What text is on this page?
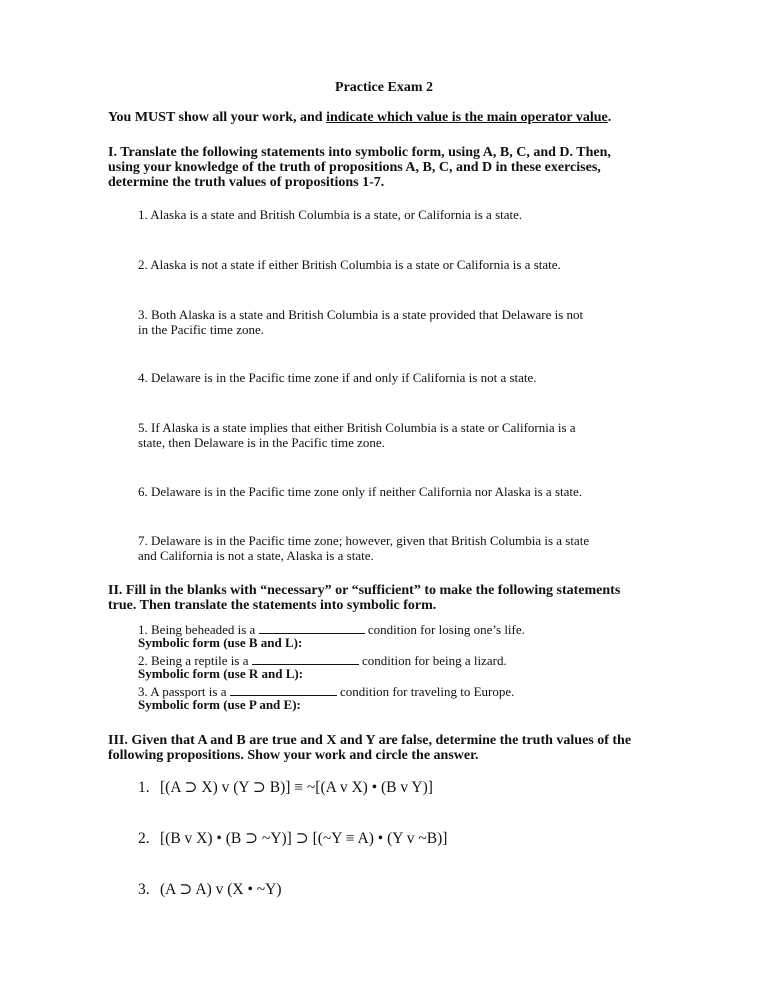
Practice Exam 2
You MUST show all your work, and indicate which value is the main operator value.
I. Translate the following statements into symbolic form, using A, B, C, and D. Then,
using your knowledge of the truth of propositions A, B, C, and D in these exercises,
determine the truth values of propositions 1-7.
1. Alaska is a state and British Columbia is a state, or California is a state.
2. Alaska is not a state if either British Columbia is a state or California is a state.
3. Both Alaska is a state and British Columbia is a state provided that Delaware is not
in the Pacific time zone.
4. Delaware is in the Pacific time zone if and only if California is not a state.
5. If Alaska is a state implies that either British Columbia is a state or California is a
state, then Delaware is in the Pacific time zone.
6. Delaware is in the Pacific time zone only if neither California nor Alaska is a state.
7. Delaware is in the Pacific time zone; however, given that British Columbia is a state
and California is not a state, Alaska is a state.
II. Fill in the blanks with “necessary” or “sufficient” to make the following statements
true. Then translate the statements into symbolic form.
1. Being beheaded is a	condition for losing one’s life.
Symbolic form (use B and L):
2. Being a reptile is a	condition for being a lizard.
Symbolic form (use R and L):
3. A passport is a	condition for traveling to Europe.
Symbolic form (use P and E):
III. Given that A and B are true and X and Y are false, determine the truth values of the
following propositions. Show your work and circle the answer.
1. [(A ⊃ X) v (Y ⊃ B)] ≡ ~[(A v X) • (B v Y)]
2. [(B v X) • (B ⊃ ~Y)] ⊃ [(~Y ≡ A) • (Y v ~B)]
3. (A ⊃ A) v (X • ~Y)
